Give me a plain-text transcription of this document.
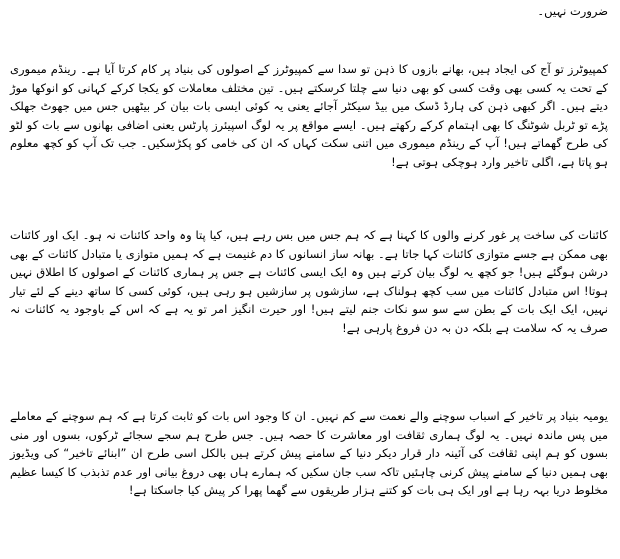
ضرورت نہیں۔

کمپیوٹرز تو آج کی ایجاد ہیں، بھانے بازوں کا ذہن تو سدا سے کمپیوٹرز کے اصولوں کی بنیاد پر کام کرتا آیا ہے۔ رینڈم میموری کے تحت یہ کسی بھی وقت کسی کو بھی دنیا سے چلتا کرسکتے ہیں۔ تین مختلف معاملات کو یکجا کرکے کہانی کو انوکھا موڑ دیتے ہیں۔ اگر کبھی ذہن کی ہارڈ ڈسک میں بیڈ سیکٹر آجائے یعنی یہ کوئی ایسی بات بیان کر بیٹھیں جس میں جھوٹ جھلک پڑے تو ٹربل شوٹنگ کا بھی اہتمام کرکے رکھتے ہیں۔ ایسے مواقع پر یہ لوگ اسپیئرز پارٹس یعنی اضافی بھانوں سے بات کو لٹو کی طرح گھماتے ہیں! آپ کے رینڈم میموری میں اتنی سکت کہاں کہ ان کی خامی کو پکڑسکیں۔ جب تک آپ کو کچھ معلوم ہو پاتا ہے، اگلی تاخیر وارد ہوچکی ہوتی ہے!

کائنات کی ساخت پر غور کرنے والوں کا کہنا ہے کہ ہم جس میں بس رہے ہیں، کیا پتا وہ واحد کائنات نہ ہو۔ ایک اور کائنات بھی ممکن ہے جسے متوازی کائنات کہا جاتا ہے۔ بھانہ ساز انسانوں کا دم غنیمت ہے کہ ہمیں متوازی یا متبادل کائنات کے بھی درشن ہوگئے ہیں! جو کچھ یہ لوگ بیان کرتے ہیں وہ ایک ایسی کائنات ہے جس پر ہماری کائنات کے اصولوں کا اطلاق نہیں ہوتا! اس متبادل کائنات میں سب کچھ ہولناک ہے، سازشوں پر سازشیں ہو رہی ہیں، کوئی کسی کا ساتھ دینے کے لئے تیار نہیں، ایک ایک بات کے بطن سے سو سو نکات جنم لیتے ہیں! اور حیرت انگیز امر تو یہ ہے کہ اس کے باوجود یہ کائنات نہ صرف یہ کہ سلامت ہے بلکہ دن بہ دن فروغ پارہی ہے!

یومیہ بنیاد پر تاخیر کے اسباب سوچنے والے نعمت سے کم نہیں۔ ان کا وجود اس بات کو ثابت کرتا ہے کہ ہم سوچنے کے معاملے میں پس ماندہ نہیں۔ یہ لوگ ہماری ثقافت اور معاشرت کا حصہ ہیں۔ جس طرح ہم سجے سجائے ٹرکوں، بسوں اور منی بسوں کو ہم اپنی ثقافت کی آئینہ دار قرار دیکر دنیا کے سامنے پیش کرتے ہیں بالکل اسی طرح ان ”ابنائے تاخیر“ کی ویڈیوز بھی ہمیں دنیا کے سامنے پیش کرنی چاہئیں تاکہ سب جان سکیں کہ ہمارے ہاں بھی دروغ بیانی اور عدم تذبذب کا کیسا عظیم مخلوط دریا بہہ رہا ہے اور ایک ہی بات کو کتنے ہزار طریقوں سے گھما پھرا کر پیش کیا جاسکتا ہے!
